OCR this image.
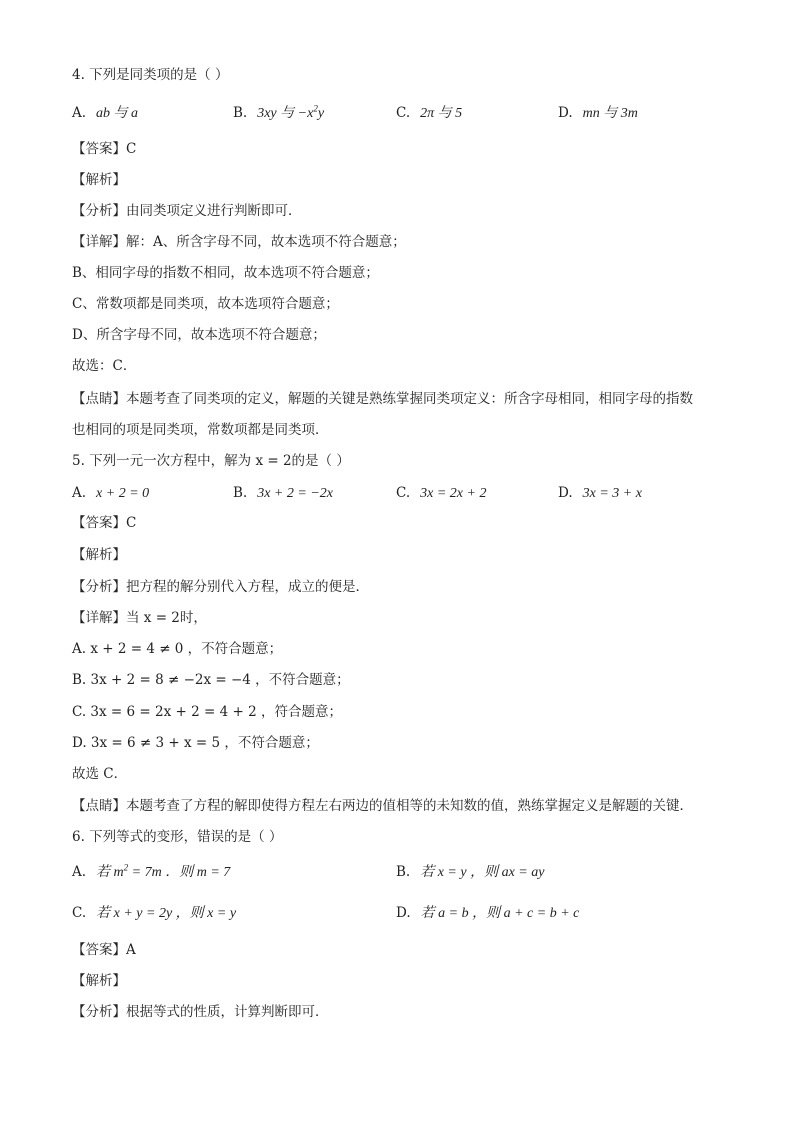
4. 下列是同类项的是（ ）
A. ab 与 a	B. 3xy 与 $-x^2y$	C. 2π 与 5	D. mn 与 3m
【答案】C
【解析】
【分析】由同类项定义进行判断即可．
【详解】解：A、所含字母不同，故本选项不符合题意；
B、相同字母的指数不相同，故本选项不符合题意；
C、常数项都是同类项，故本选项符合题意；
D、所含字母不同，故本选项不符合题意；
故选：C．
【点睛】本题考查了同类项的定义，解题的关键是熟练掌握同类项定义：所含字母相同，相同字母的指数
也相同的项是同类项，常数项都是同类项．
5. 下列一元一次方程中，解为 x = 2的是（ ）
A. x + 2 = 0	B. 3x + 2 = −2x	C. 3x = 2x + 2	D. 3x = 3 + x
【答案】C
【解析】
【分析】把方程的解分别代入方程，成立的便是．
【详解】当 x = 2时，
A. x + 2 = 4 ≠ 0 ，不符合题意；
B. 3x + 2 = 8 ≠ −2x = −4 ，不符合题意；
C. 3x = 6 = 2x + 2 = 4 + 2 ，符合题意；
D. 3x = 6 ≠ 3 + x = 5 ，不符合题意；
故选 C．
【点睛】本题考查了方程的解即使得方程左右两边的值相等的未知数的值，熟练掌握定义是解题的关键．
6. 下列等式的变形，错误的是（ ）
A. 若 $m^2 = 7m$ ．则 m = 7	B. 若 x = y ，则 ax = ay
C. 若 x + y = 2y ，则 x = y	D. 若 a = b ，则 a + c = b + c
【答案】A
【解析】
【分析】根据等式的性质，计算判断即可．
